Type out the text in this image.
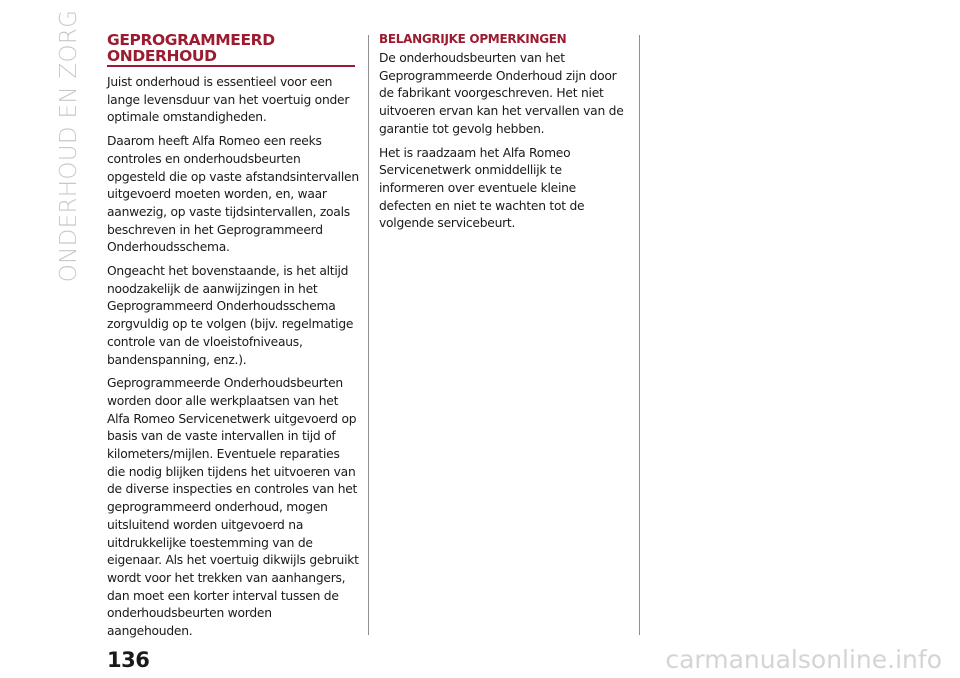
ONDERHOUD EN ZORG GEPROGRAMMEERD
ONDERHOUD

Juist onderhoud is essentieel voor een lange levensduur van het voertuig onder optimale omstandigheden.

Daarom heeft Alfa Romeo een reeks controles en onderhoudsbeurten opgesteld die op vaste afstandsintervallen uitgevoerd moeten worden, en, waar aanwezig, op vaste tijdsintervallen, zoals beschreven in het Geprogrammeerd Onderhoudsschema.

Ongeacht het bovenstaande, is het altijd noodzakelijk de aanwijzingen in het Geprogrammeerd Onderhoudsschema zorgvuldig op te volgen (bijv. regelmatige controle van de vloeistofniveaus, bandenspanning, enz.).

Geprogrammeerde Onderhoudsbeurten worden door alle werkplaatsen van het Alfa Romeo Servicenetwerk uitgevoerd op basis van de vaste intervallen in tijd of kilometers/mijlen. Eventuele reparaties die nodig blijken tijdens het uitvoeren van de diverse inspecties en controles van het geprogrammeerd onderhoud, mogen uitsluitend worden uitgevoerd na uitdrukkelijke toestemming van de eigenaar. Als het voertuig dikwijls gebruikt wordt voor het trekken van aanhangers, dan moet een korter interval tussen de onderhoudsbeurten worden aangehouden.

BELANGRIJKE OPMERKINGEN

De onderhoudsbeurten van het Geprogrammeerde Onderhoud zijn door de fabrikant voorgeschreven. Het niet uitvoeren ervan kan het vervallen van de garantie tot gevolg hebben.

Het is raadzaam het Alfa Romeo Servicenetwerk onmiddellijk te informeren over eventuele kleine defecten en niet te wachten tot de volgende servicebeurt.

136	carmanualsonline.info
